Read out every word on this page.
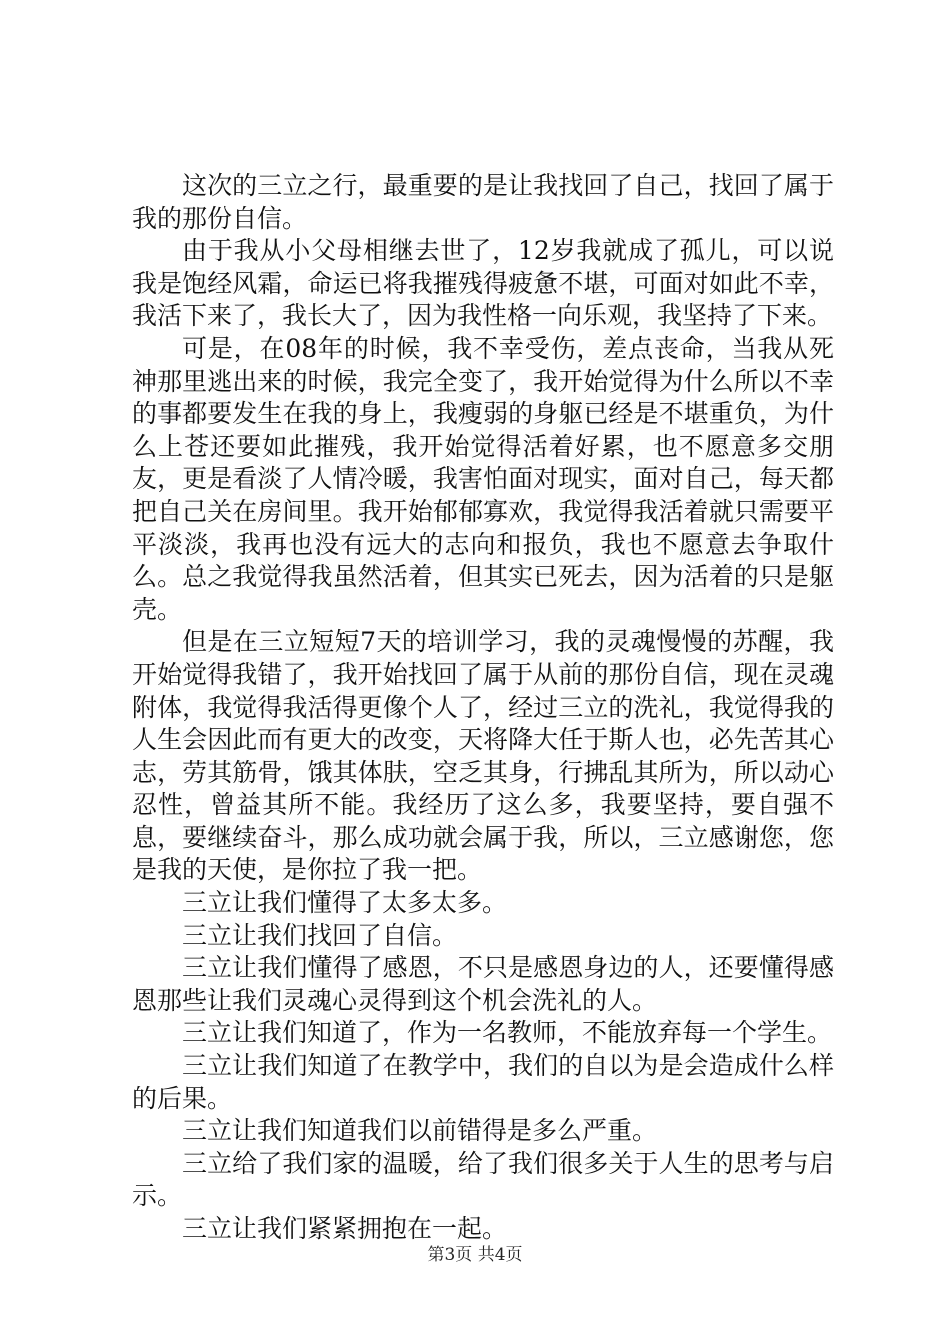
这次的三立之行，最重要的是让我找回了自己，找回了属于我的那份自信。

由于我从小父母相继去世了，12岁我就成了孤儿，可以说我是饱经风霜，命运已将我摧残得疲惫不堪，可面对如此不幸，我活下来了，我长大了，因为我性格一向乐观，我坚持了下来。

可是，在08年的时候，我不幸受伤，差点丧命，当我从死神那里逃出来的时候，我完全变了，我开始觉得为什么所以不幸的事都要发生在我的身上，我瘦弱的身躯已经是不堪重负，为什么上苍还要如此摧残，我开始觉得活着好累，也不愿意多交朋友，更是看淡了人情冷暖，我害怕面对现实，面对自己，每天都把自己关在房间里。我开始郁郁寡欢，我觉得我活着就只需要平平淡淡，我再也没有远大的志向和报负，我也不愿意去争取什么。总之我觉得我虽然活着，但其实已死去，因为活着的只是躯壳。

但是在三立短短7天的培训学习，我的灵魂慢慢的苏醒，我开始觉得我错了，我开始找回了属于从前的那份自信，现在灵魂附体，我觉得我活得更像个人了，经过三立的洗礼，我觉得我的人生会因此而有更大的改变，天将降大任于斯人也，必先苦其心志，劳其筋骨，饿其体肤，空乏其身，行拂乱其所为，所以动心忍性，曾益其所不能。我经历了这么多，我要坚持，要自强不息，要继续奋斗，那么成功就会属于我，所以，三立感谢您，您是我的天使，是你拉了我一把。

三立让我们懂得了太多太多。

三立让我们找回了自信。

三立让我们懂得了感恩，不只是感恩身边的人，还要懂得感恩那些让我们灵魂心灵得到这个机会洗礼的人。

三立让我们知道了，作为一名教师，不能放弃每一个学生。

三立让我们知道了在教学中，我们的自以为是会造成什么样的后果。

三立让我们知道我们以前错得是多么严重。

三立给了我们家的温暖，给了我们很多关于人生的思考与启示。

三立让我们紧紧拥抱在一起。

第3页 共4页
